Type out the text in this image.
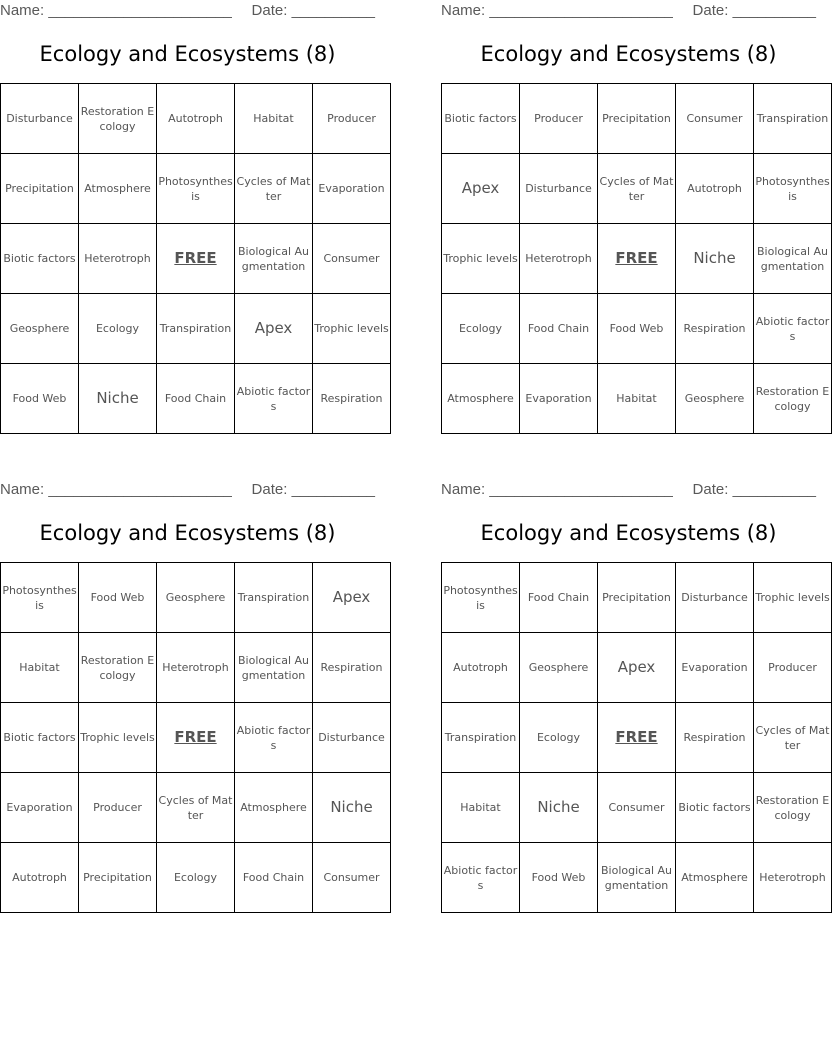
Name: ______________________ Date: __________
Ecology and Ecosystems (8)
Disturbance	Restoration Ecology	Autotroph	Habitat	Producer
Precipitation	Atmosphere	Photosynthesis	Cycles of Matter	Evaporation
Biotic factors	Heterotroph	FREE	Biological Augmentation	Consumer
Geosphere	Ecology	Transpiration	Apex	Trophic levels
Food Web	Niche	Food Chain	Abiotic factors	Respiration
Name: ______________________ Date: __________
Ecology and Ecosystems (8)
Biotic factors	Producer	Precipitation	Consumer	Transpiration
Apex	Disturbance	Cycles of Matter	Autotroph	Photosynthesis
Trophic levels	Heterotroph	FREE	Niche	Biological Augmentation
Ecology	Food Chain	Food Web	Respiration	Abiotic factors
Atmosphere	Evaporation	Habitat	Geosphere	Restoration Ecology
Name: ______________________ Date: __________
Ecology and Ecosystems (8)
Photosynthesis	Food Web	Geosphere	Transpiration	Apex
Habitat	Restoration Ecology	Heterotroph	Biological Augmentation	Respiration
Biotic factors	Trophic levels	FREE	Abiotic factors	Disturbance
Evaporation	Producer	Cycles of Matter	Atmosphere	Niche
Autotroph	Precipitation	Ecology	Food Chain	Consumer
Name: ______________________ Date: __________
Ecology and Ecosystems (8)
Photosynthesis	Food Chain	Precipitation	Disturbance	Trophic levels
Autotroph	Geosphere	Apex	Evaporation	Producer
Transpiration	Ecology	FREE	Respiration	Cycles of Matter
Habitat	Niche	Consumer	Biotic factors	Restoration Ecology
Abiotic factors	Food Web	Biological Augmentation	Atmosphere	Heterotroph
